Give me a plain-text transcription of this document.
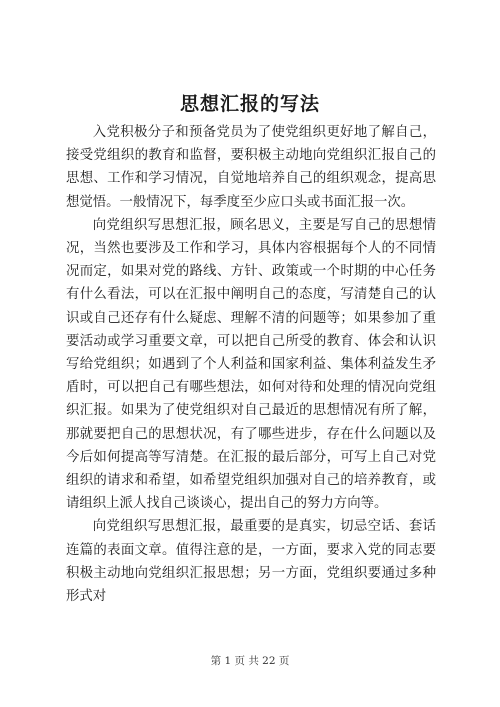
思想汇报的写法

入党积极分子和预备党员为了使党组织更好地了解自己，接受党组织的教育和监督，要积极主动地向党组织汇报自己的思想、工作和学习情况，自觉地培养自己的组织观念，提高思想觉悟。一般情况下，每季度至少应口头或书面汇报一次。

向党组织写思想汇报，顾名思义，主要是写自己的思想情况，当然也要涉及工作和学习，具体内容根据每个人的不同情况而定，如果对党的路线、方针、政策或一个时期的中心任务有什么看法，可以在汇报中阐明自己的态度，写清楚自己的认识或自己还存有什么疑虑、理解不清的问题等；如果参加了重要活动或学习重要文章，可以把自己所受的教育、体会和认识写给党组织；如遇到了个人利益和国家利益、集体利益发生矛盾时，可以把自己有哪些想法，如何对待和处理的情况向党组织汇报。如果为了使党组织对自己最近的思想情况有所了解，那就要把自己的思想状况，有了哪些进步，存在什么问题以及今后如何提高等写清楚。在汇报的最后部分，可写上自己对党组织的请求和希望，如希望党组织加强对自己的培养教育，或请组织上派人找自己谈谈心，提出自己的努力方向等。

向党组织写思想汇报，最重要的是真实，切忌空话、套话连篇的表面文章。值得注意的是，一方面，要求入党的同志要积极主动地向党组织汇报思想；另一方面，党组织要通过多种形式对

第 1 页 共 22 页
